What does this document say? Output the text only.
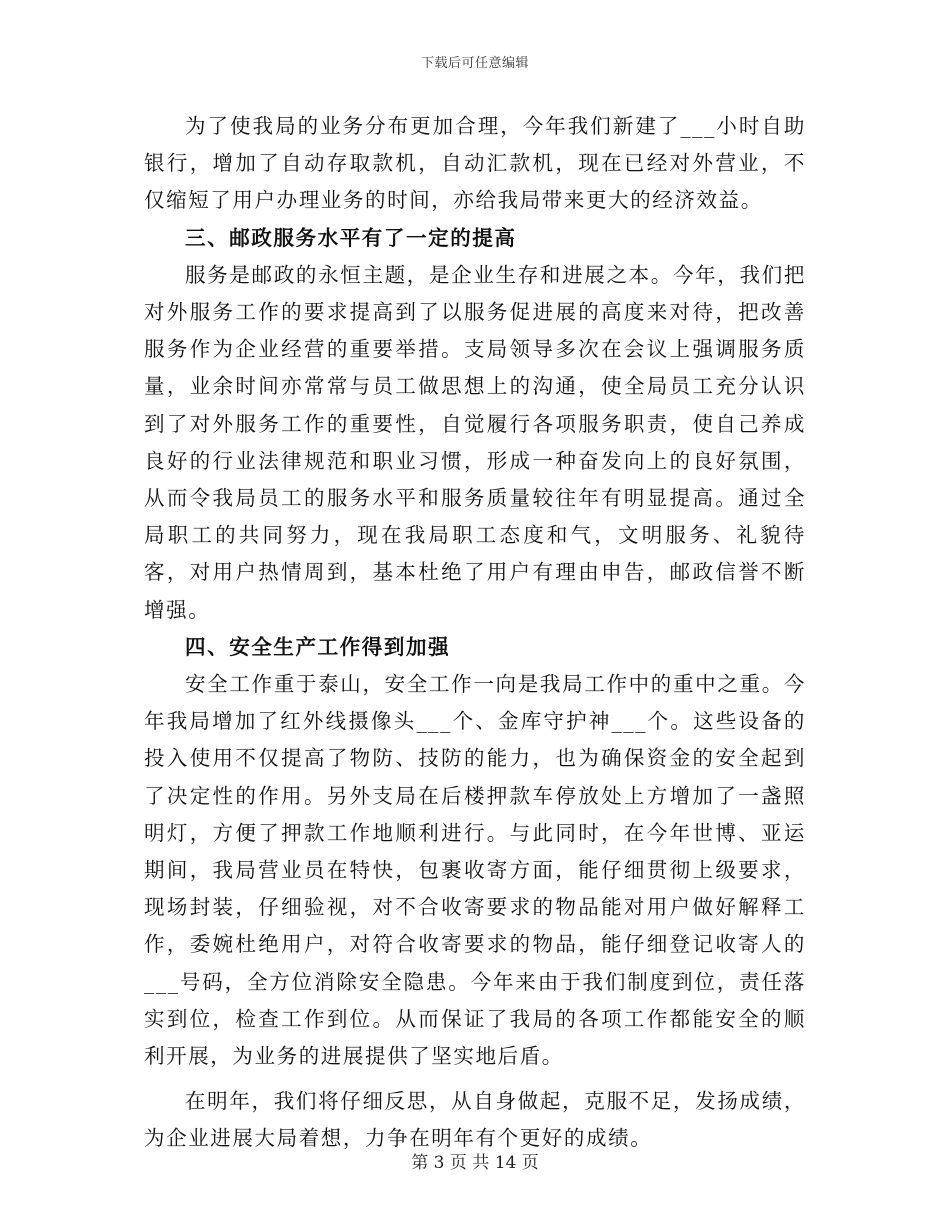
下载后可任意编辑

为了使我局的业务分布更加合理，今年我们新建了___小时自助银行，增加了自动存取款机，自动汇款机，现在已经对外营业，不仅缩短了用户办理业务的时间，亦给我局带来更大的经济效益。

三、邮政服务水平有了一定的提高

服务是邮政的永恒主题，是企业生存和进展之本。今年，我们把对外服务工作的要求提高到了以服务促进展的高度来对待，把改善服务作为企业经营的重要举措。支局领导多次在会议上强调服务质量，业余时间亦常常与员工做思想上的沟通，使全局员工充分认识到了对外服务工作的重要性，自觉履行各项服务职责，使自己养成良好的行业法律规范和职业习惯，形成一种奋发向上的良好氛围，从而令我局员工的服务水平和服务质量较往年有明显提高。通过全局职工的共同努力，现在我局职工态度和气，文明服务、礼貌待客，对用户热情周到，基本杜绝了用户有理由申告，邮政信誉不断增强。

四、安全生产工作得到加强

安全工作重于泰山，安全工作一向是我局工作中的重中之重。今年我局增加了红外线摄像头___个、金库守护神___个。这些设备的投入使用不仅提高了物防、技防的能力，也为确保资金的安全起到了决定性的作用。另外支局在后楼押款车停放处上方增加了一盏照明灯，方便了押款工作地顺利进行。与此同时，在今年世博、亚运期间，我局营业员在特快，包裹收寄方面，能仔细贯彻上级要求，现场封装，仔细验视，对不合收寄要求的物品能对用户做好解释工作，委婉杜绝用户，对符合收寄要求的物品，能仔细登记收寄人的___号码，全方位消除安全隐患。今年来由于我们制度到位，责任落实到位，检查工作到位。从而保证了我局的各项工作都能安全的顺利开展，为业务的进展提供了坚实地后盾。

在明年，我们将仔细反思，从自身做起，克服不足，发扬成绩，为企业进展大局着想，力争在明年有个更好的成绩。

第 3 页 共 14 页
